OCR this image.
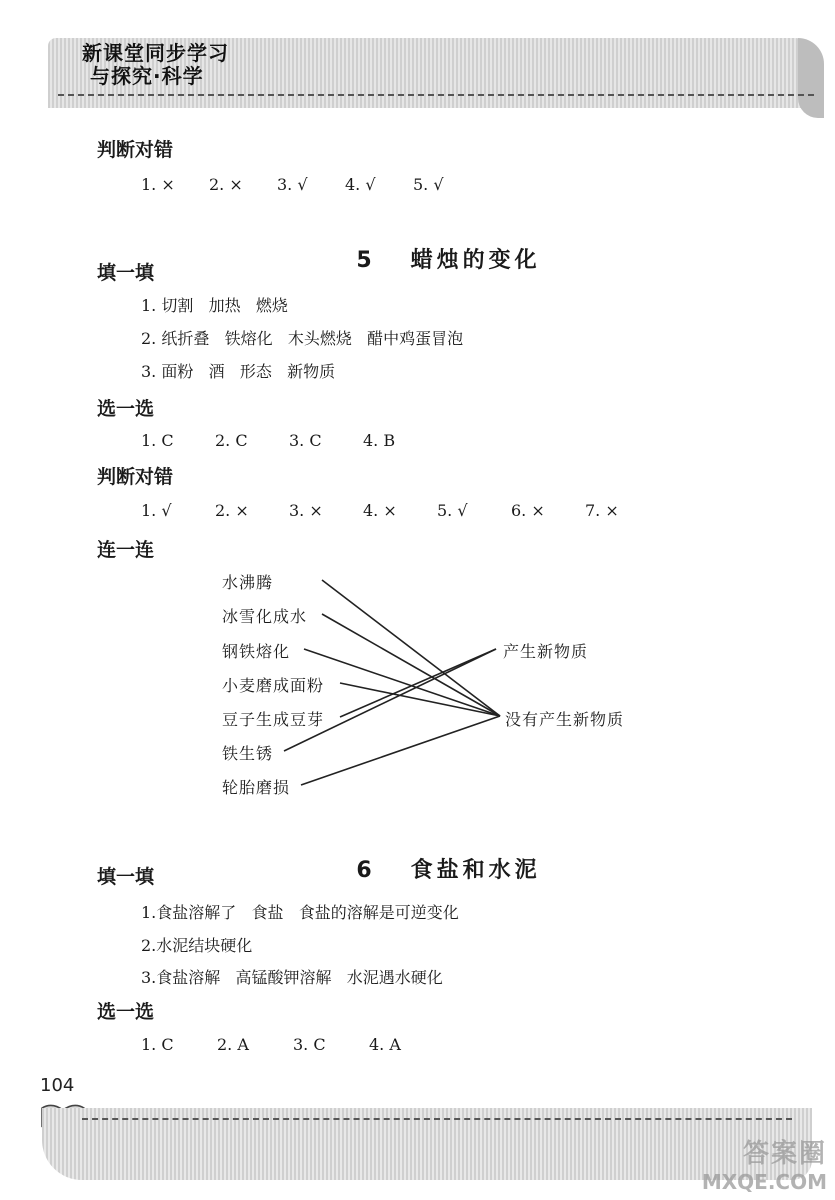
新课堂同步学习
与探究·科学
判断对错
1. ×	2. ×	3. √	4. √	5. √

5 蜡烛的变化

填一填
1. 切割   加热   燃烧
2. 纸折叠   铁熔化   木头燃烧   醋中鸡蛋冒泡
3. 面粉   酒   形态   新物质
选一选
1. C	2. C	3. C	4. B
判断对错
1. √	2. ×	3. ×	4. ×	5. √	6. ×	7. ×
连一连
水沸腾
冰雪化成水
钢铁熔化
小麦磨成面粉
豆子生成豆芽
铁生锈
轮胎磨损
产生新物质
没有产生新物质

6 食盐和水泥

填一填
1.食盐溶解了   食盐   食盐的溶解是可逆变化
2.水泥结块硬化
3.食盐溶解   高锰酸钾溶解   水泥遇水硬化
选一选
1. C	2. A	3. C	4. A
104
答案圈
MXQE.COM
